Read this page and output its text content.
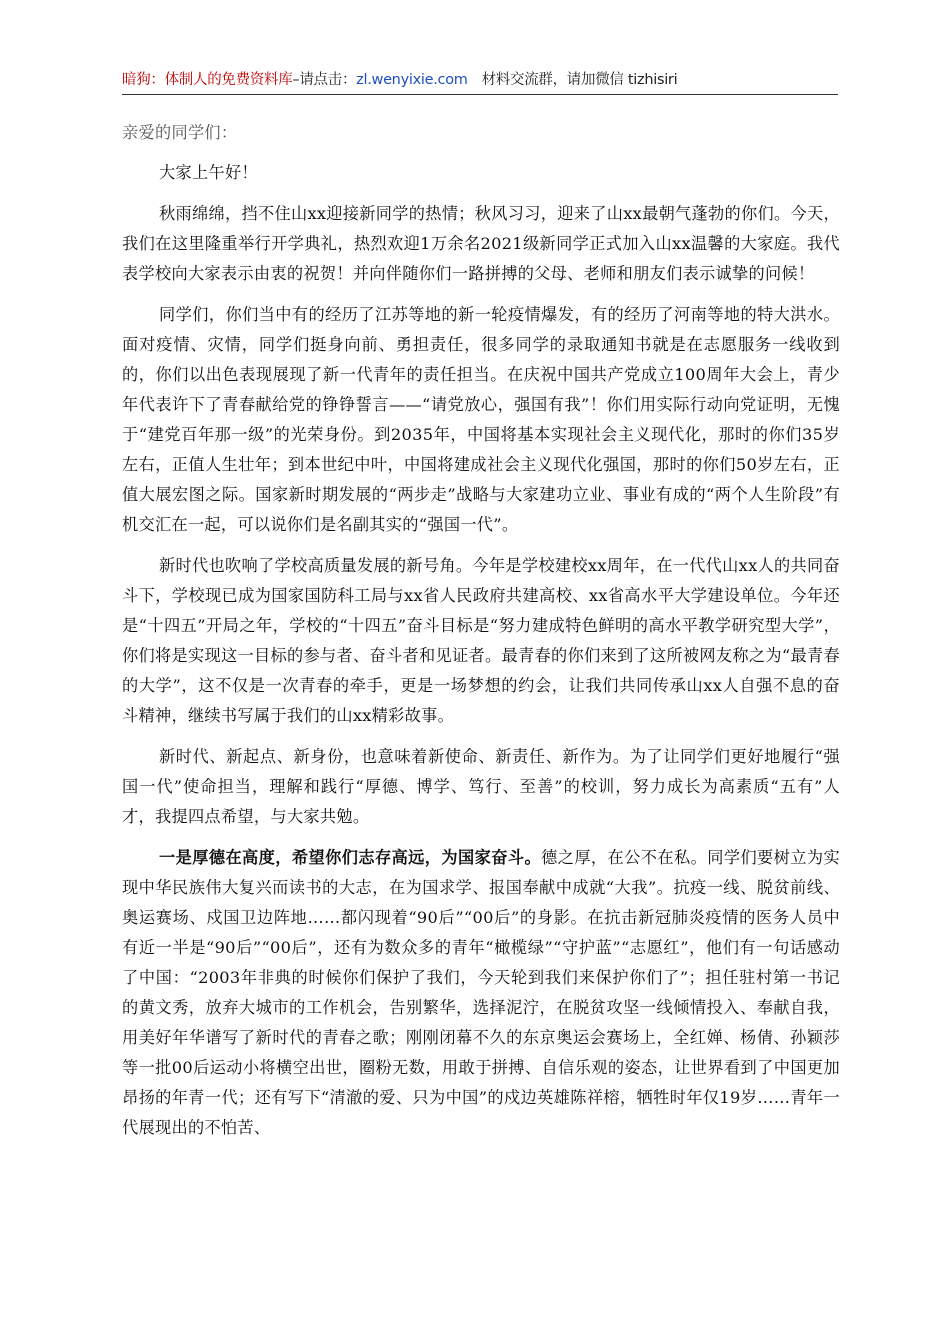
暗狗：体制人的免费资料库–请点击：zl.wenyixie.com 材料交流群，请加微信 tizhisiri

亲爱的同学们：

大家上午好！

秋雨绵绵，挡不住山xx迎接新同学的热情；秋风习习，迎来了山xx最朝气蓬勃的你们。今天，我们在这里隆重举行开学典礼，热烈欢迎1万余名2021级新同学正式加入山xx温馨的大家庭。我代表学校向大家表示由衷的祝贺！并向伴随你们一路拼搏的父母、老师和朋友们表示诚挚的问候！

同学们，你们当中有的经历了江苏等地的新一轮疫情爆发，有的经历了河南等地的特大洪水。面对疫情、灾情，同学们挺身向前、勇担责任，很多同学的录取通知书就是在志愿服务一线收到的，你们以出色表现展现了新一代青年的责任担当。在庆祝中国共产党成立100周年大会上，青少年代表许下了青春献给党的铮铮誓言——“请党放心，强国有我”！你们用实际行动向党证明，无愧于“建党百年那一级”的光荣身份。到2035年，中国将基本实现社会主义现代化，那时的你们35岁左右，正值人生壮年；到本世纪中叶，中国将建成社会主义现代化强国，那时的你们50岁左右，正值大展宏图之际。国家新时期发展的“两步走”战略与大家建功立业、事业有成的“两个人生阶段”有机交汇在一起，可以说你们是名副其实的“强国一代”。

新时代也吹响了学校高质量发展的新号角。今年是学校建校xx周年，在一代代山xx人的共同奋斗下，学校现已成为国家国防科工局与xx省人民政府共建高校、xx省高水平大学建设单位。今年还是“十四五”开局之年，学校的“十四五”奋斗目标是“努力建成特色鲜明的高水平教学研究型大学”，你们将是实现这一目标的参与者、奋斗者和见证者。最青春的你们来到了这所被网友称之为“最青春的大学”，这不仅是一次青春的牵手，更是一场梦想的约会，让我们共同传承山xx人自强不息的奋斗精神，继续书写属于我们的山xx精彩故事。

新时代、新起点、新身份，也意味着新使命、新责任、新作为。为了让同学们更好地履行“强国一代”使命担当，理解和践行“厚德、博学、笃行、至善”的校训，努力成长为高素质“五有”人才，我提四点希望，与大家共勉。

一是厚德在高度，希望你们志存高远，为国家奋斗。德之厚，在公不在私。同学们要树立为实现中华民族伟大复兴而读书的大志，在为国求学、报国奉献中成就“大我”。抗疫一线、脱贫前线、奥运赛场、戍国卫边阵地……都闪现着“90后”“00后”的身影。在抗击新冠肺炎疫情的医务人员中有近一半是“90后”“00后”，还有为数众多的青年“橄榄绿”“守护蓝”“志愿红”，他们有一句话感动了中国：“2003年非典的时候你们保护了我们，今天轮到我们来保护你们了”；担任驻村第一书记的黄文秀，放弃大城市的工作机会，告别繁华，选择泥泞，在脱贫攻坚一线倾情投入、奉献自我，用美好年华谱写了新时代的青春之歌；刚刚闭幕不久的东京奥运会赛场上，全红婵、杨倩、孙颖莎等一批00后运动小将横空出世，圈粉无数，用敢于拼搏、自信乐观的姿态，让世界看到了中国更加昂扬的年青一代；还有写下“清澈的爱、只为中国”的戍边英雄陈祥榕，牺牲时年仅19岁……青年一代展现出的不怕苦、
